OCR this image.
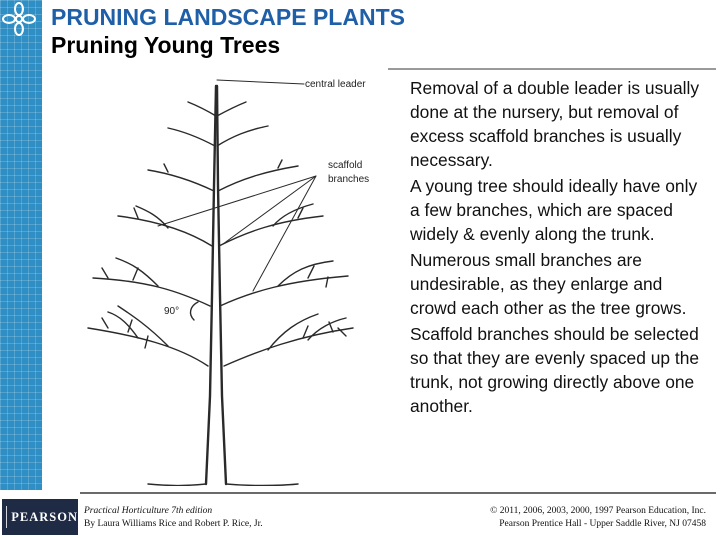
PRUNING LANDSCAPE PLANTS
Pruning Young Trees
central leader
scaffold
branches
90°
Removal of a double leader is usually done at the nursery, but removal of excess scaffold branches is usually necessary.
A young tree should ideally have only a few branches, which are spaced widely & evenly along the trunk.
Numerous small branches are undesirable, as they enlarge and crowd each other as the tree grows.
Scaffold branches should be selected so that they are evenly spaced up the trunk, not growing directly above one another.
PEARSON Practical Horticulture 7th edition
By Laura Williams Rice and Robert P. Rice, Jr.
© 2011, 2006, 2003, 2000, 1997 Pearson Education, Inc.
Pearson Prentice Hall - Upper Saddle River, NJ 07458
